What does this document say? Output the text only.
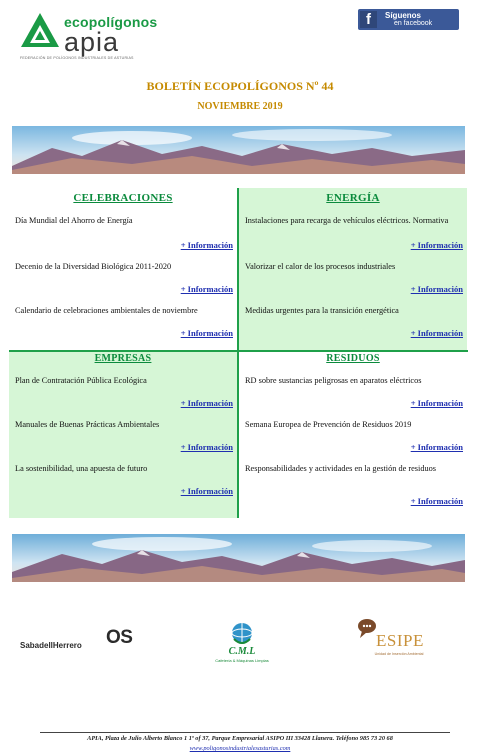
ecopolígonos
apia
FEDERACIÓN DE POLÍGONOS INDUSTRIALES DE ASTURIAS
f	Síguenos
en facebook
BOLETÍN ECOPOLÍGONOS Nº 44
NOVIEMBRE 2019
CELEBRACIONES
Día Mundial del Ahorro de Energía
+ Información
Decenio de la Diversidad Biológica 2011-2020
+ Información
Calendario de celebraciones ambientales de noviembre
+ Información
ENERGÍA
Instalaciones para recarga de vehículos eléctricos. Normativa
+ Información
Valorizar el calor de los procesos industriales
+ Información
Medidas urgentes para la transición energética
+ Información
EMPRESAS
Plan de Contratación Pública Ecológica
+ Información
Manuales de Buenas Prácticas Ambientales
+ Información
La sostenibilidad, una apuesta de futuro
+ Información
RESIDUOS
RD sobre sustancias peligrosas en aparatos eléctricos
+ Información
Semana Europea de Prevención de Residuos 2019
+ Información
Responsabilidades y actividades en la gestión de residuos
+ Información
SabadellHerrero OS
C.M.L
Cafetería & Máquinas Limpias
ESIPE
Unidad de Inserción Ambiental
APIA, Plaza de Julio Alberto Blanco 1 1º of 37, Parque Empresarial ASIPO III 33428 Llanera. Teléfono 985 73 20 68
www.poligonosindustrialesasturias.com
